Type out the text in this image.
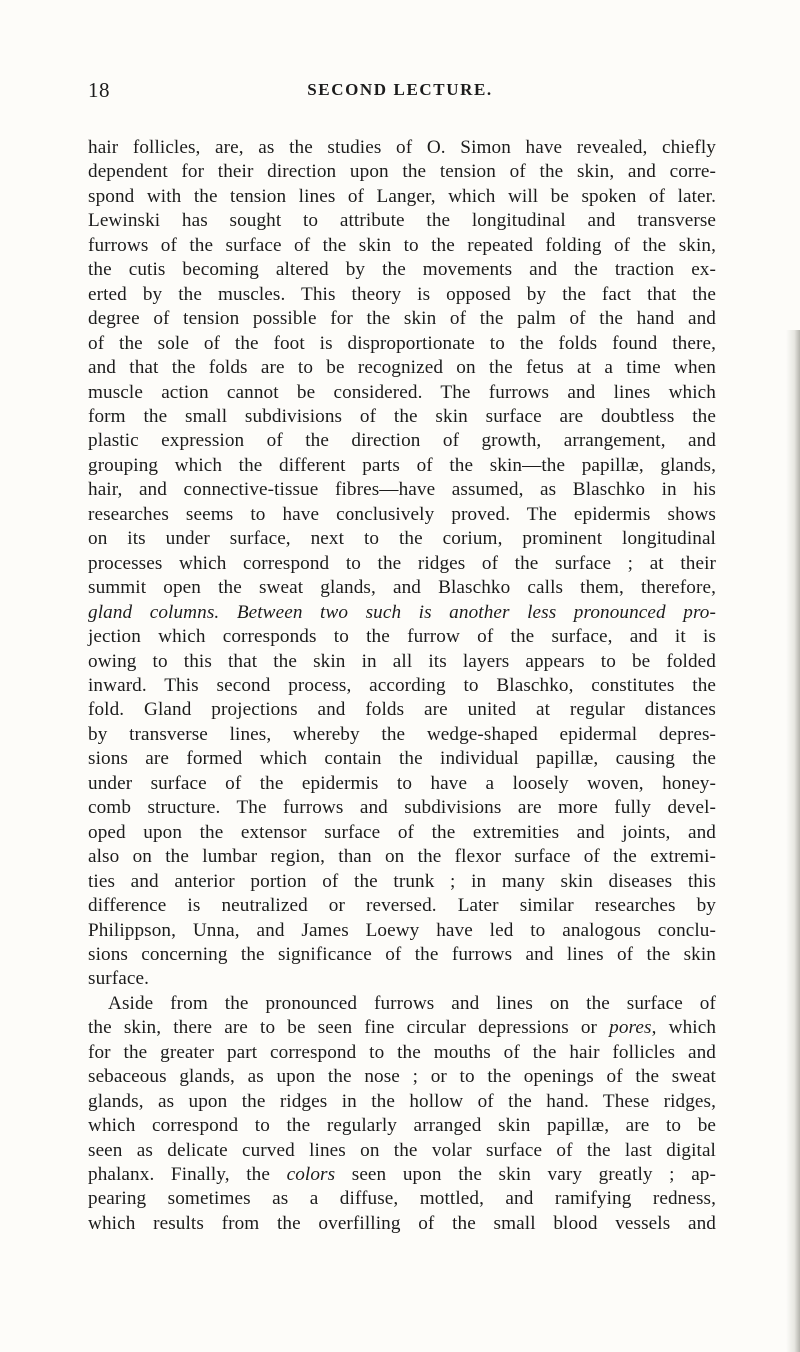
18	SECOND LECTURE.
hair follicles, are, as the studies of O. Simon have revealed, chiefly
dependent for their direction upon the tension of the skin, and corre-
spond with the tension lines of Langer, which will be spoken of later.
Lewinski has sought to attribute the longitudinal and transverse
furrows of the surface of the skin to the repeated folding of the skin,
the cutis becoming altered by the movements and the traction ex-
erted by the muscles. This theory is opposed by the fact that the
degree of tension possible for the skin of the palm of the hand and
of the sole of the foot is disproportionate to the folds found there,
and that the folds are to be recognized on the fetus at a time when
muscle action cannot be considered. The furrows and lines which
form the small subdivisions of the skin surface are doubtless the
plastic expression of the direction of growth, arrangement, and
grouping which the different parts of the skin—the papillæ, glands,
hair, and connective-tissue fibres—have assumed, as Blaschko in his
researches seems to have conclusively proved. The epidermis shows
on its under surface, next to the corium, prominent longitudinal
processes which correspond to the ridges of the surface ; at their
summit open the sweat glands, and Blaschko calls them, therefore,
gland columns. Between two such is another less pronounced pro-
jection which corresponds to the furrow of the surface, and it is
owing to this that the skin in all its layers appears to be folded
inward. This second process, according to Blaschko, constitutes the
fold. Gland projections and folds are united at regular distances
by transverse lines, whereby the wedge-shaped epidermal depres-
sions are formed which contain the individual papillæ, causing the
under surface of the epidermis to have a loosely woven, honey-
comb structure. The furrows and subdivisions are more fully devel-
oped upon the extensor surface of the extremities and joints, and
also on the lumbar region, than on the flexor surface of the extremi-
ties and anterior portion of the trunk ; in many skin diseases this
difference is neutralized or reversed. Later similar researches by
Philippson, Unna, and James Loewy have led to analogous conclu-
sions concerning the significance of the furrows and lines of the skin
surface.
Aside from the pronounced furrows and lines on the surface of
the skin, there are to be seen fine circular depressions or pores, which
for the greater part correspond to the mouths of the hair follicles and
sebaceous glands, as upon the nose ; or to the openings of the sweat
glands, as upon the ridges in the hollow of the hand. These ridges,
which correspond to the regularly arranged skin papillæ, are to be
seen as delicate curved lines on the volar surface of the last digital
phalanx. Finally, the colors seen upon the skin vary greatly ; ap-
pearing sometimes as a diffuse, mottled, and ramifying redness,
which results from the overfilling of the small blood vessels and
